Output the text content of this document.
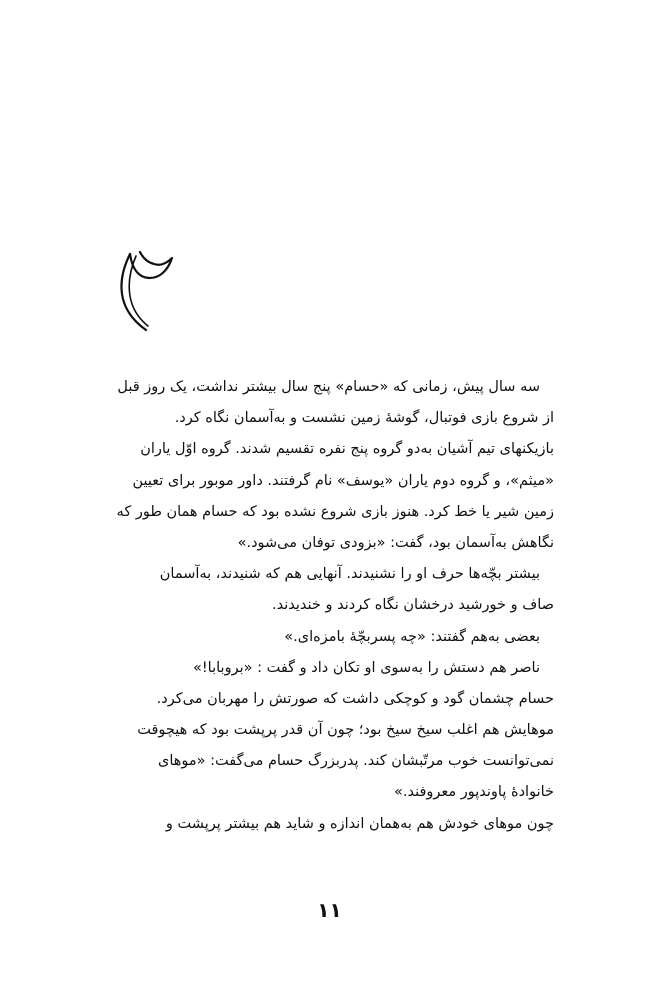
سه سال پیش، زمانی که «حسام» پنج سال بیشتر نداشت، یک روز قبل
از شروع بازی فوتبال، گوشهٔ زمین نشست و به‌آسمان نگاه کرد.
بازیکنهای تیم آشیان به‌دو گروه پنج نفره تقسیم شدند. گروه اوّل یاران
«میثم»، و گروه دوم یاران «یوسف» نام گرفتند. داور موبور برای تعیین
زمین شیر یا خط کرد. هنوز بازی شروع نشده بود که حسام همان طور که
نگاهش به‌آسمان بود، گفت: «بزودی توفان می‌شود.»
بیشتر بچّه‌ها حرف او را نشنیدند. آنهایی هم که شنیدند، به‌آسمان
صاف و خورشید درخشان نگاه کردند و خندیدند.
بعضی به‌هم گفتند: «چه پسربچّهٔ بامزه‌ای.»
ناصر هم دستش را به‌سوی او تکان داد و گفت : «بروبابا!»
حسام چشمان گود و کوچکی داشت که صورتش را مهربان می‌کرد.
موهایش هم اغلب سیخ سیخ بود؛ چون آن قدر پرپشت بود که هیچوقت
نمی‌توانست خوب مرتّبشان کند. پدربزرگ حسام می‌گفت: «موهای
خانوادهٔ پاوندپور معروفند.»
چون موهای خودش هم به‌همان اندازه و شاید هم بیشتر پرپشت و
۱۱
